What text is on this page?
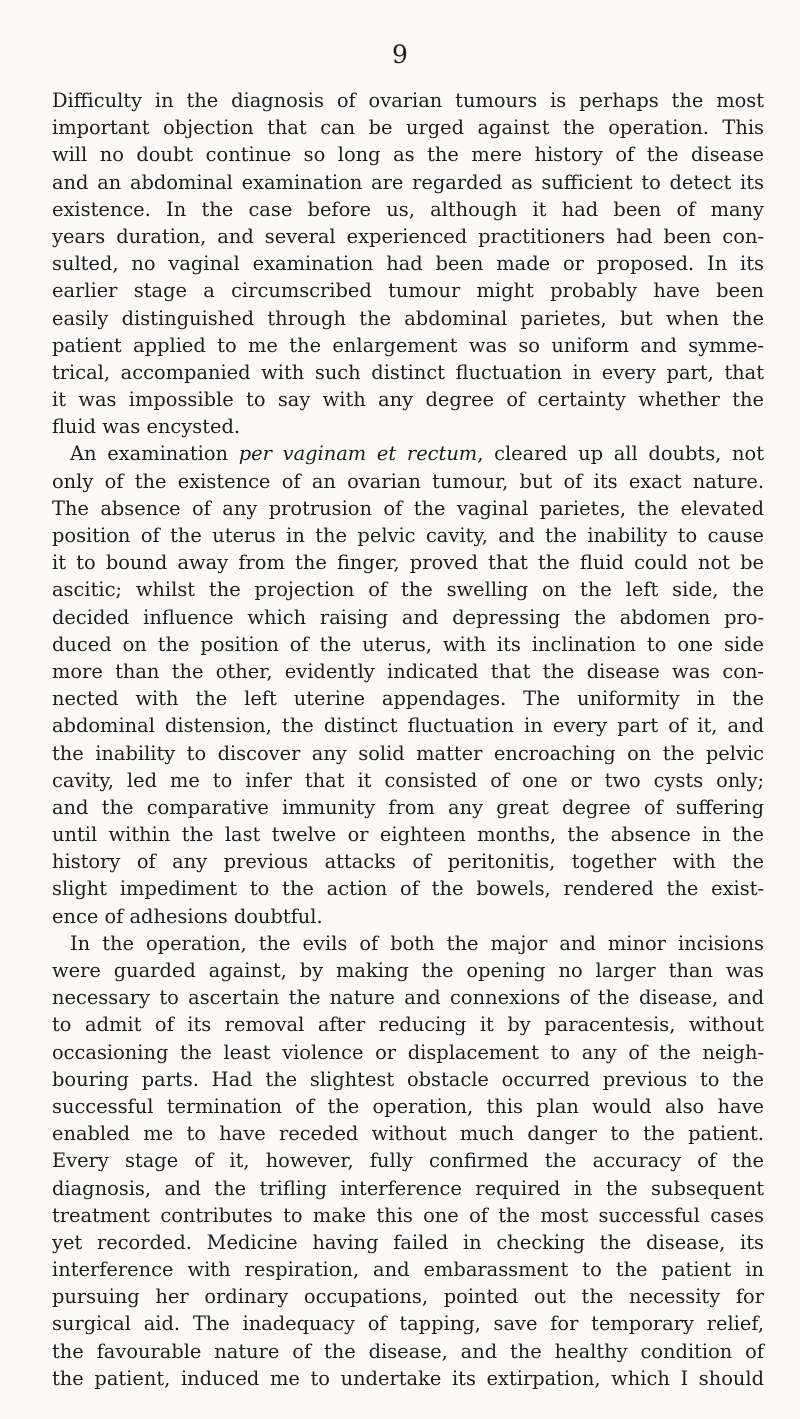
9
Difficulty in the diagnosis of ovarian tumours is perhaps the most
important objection that can be urged against the operation. This
will no doubt continue so long as the mere history of the disease
and an abdominal examination are regarded as sufficient to detect its
existence. In the case before us, although it had been of many
years duration, and several experienced practitioners had been con-
sulted, no vaginal examination had been made or proposed. In its
earlier stage a circumscribed tumour might probably have been
easily distinguished through the abdominal parietes, but when the
patient applied to me the enlargement was so uniform and symme-
trical, accompanied with such distinct fluctuation in every part, that
it was impossible to say with any degree of certainty whether the
fluid was encysted.
An examination per vaginam et rectum, cleared up all doubts, not
only of the existence of an ovarian tumour, but of its exact nature.
The absence of any protrusion of the vaginal parietes, the elevated
position of the uterus in the pelvic cavity, and the inability to cause
it to bound away from the finger, proved that the fluid could not be
ascitic; whilst the projection of the swelling on the left side, the
decided influence which raising and depressing the abdomen pro-
duced on the position of the uterus, with its inclination to one side
more than the other, evidently indicated that the disease was con-
nected with the left uterine appendages. The uniformity in the
abdominal distension, the distinct fluctuation in every part of it, and
the inability to discover any solid matter encroaching on the pelvic
cavity, led me to infer that it consisted of one or two cysts only;
and the comparative immunity from any great degree of suffering
until within the last twelve or eighteen months, the absence in the
history of any previous attacks of peritonitis, together with the
slight impediment to the action of the bowels, rendered the exist-
ence of adhesions doubtful.
In the operation, the evils of both the major and minor incisions
were guarded against, by making the opening no larger than was
necessary to ascertain the nature and connexions of the disease, and
to admit of its removal after reducing it by paracentesis, without
occasioning the least violence or displacement to any of the neigh-
bouring parts. Had the slightest obstacle occurred previous to the
successful termination of the operation, this plan would also have
enabled me to have receded without much danger to the patient.
Every stage of it, however, fully confirmed the accuracy of the
diagnosis, and the trifling interference required in the subsequent
treatment contributes to make this one of the most successful cases
yet recorded. Medicine having failed in checking the disease, its
interference with respiration, and embarassment to the patient in
pursuing her ordinary occupations, pointed out the necessity for
surgical aid. The inadequacy of tapping, save for temporary relief,
the favourable nature of the disease, and the healthy condition of
the patient, induced me to undertake its extirpation, which I should
